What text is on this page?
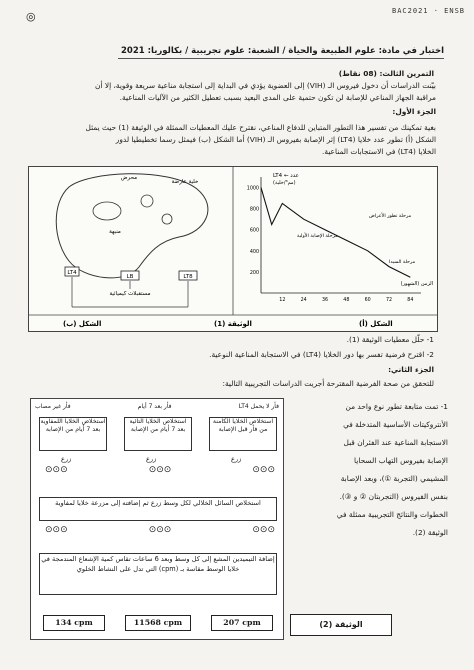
◎	BAC2021 · ENSB
اختبار في مادة: علوم الطبيعة والحياة / الشعبة: علوم تجريبية / بكالوريا: 2021
التمرين الثالث: (08 نقاط)
بيّنت الدراسات أن دخول فيروس الـ (VIH) إلى العضوية يؤدي في البداية إلى استجابة مناعية سريعة وقوية، إلا أن
مراقبة الجهاز المناعي للإصابة لن تكون حتمية على المدى البعيد بسبب تعطيل الكثير من الآليات المناعية.
الجزء الأول:
بغية تمكينك من تفسير هذا التطور المتباين للدفاع المناعي، نقترح عليك المعطيات الممثلة في الوثيقة (1) حيث يمثل
الشكل (أ) تطور عدد خلايا (LT4) إثر الإصابة بفيروس الـ (VIH) أما الشكل (ب) فيمثل رسما تخطيطيا لدور
الخلايا (LT4) في الاستجابات المناعية.
محرض
خلية عارضة
منبهة
LT4
LB	LT8
مستقبلات كيميائية
LT4 ← عدد
(مم³/خلية)
1000
800
600
400
200
12	24	36	48	60	72	84
الزمن (الشهور)
مرحلة الإصابة الأولية
مرحلة تطور الأعراض
مرحلة السيدا
الشكل (ب)	الوثيقة (1)	الشكل (أ)
1- حلّل معطيات الوثيقة (1).
2- اقترح فرضية تفسر بها دور الخلايا (LT4) في الاستجابة المناعية النوعية.
الجزء الثاني:
للتحقق من صحة الفرضية المقترحة أجريت الدراسات التجريبية التالية:
فأر لا يحمل LT4
فأر بعد 7 أيام
فأر غير مصاب
استخلاص الخلايا الكامنة من فأر قبل الإصابة
استخلاص الخلايا التائية بعد 7 أيام من الإصابة
استخلاص الخلايا اللمفاوية بعد 7 أيام من الإصابة
زرع
زرع
زرع
⊙⊙⊙	⊙⊙⊙	⊙⊙⊙
استخلاص السائل الخلالي لكل وسط زرع ثم إضافته إلى مزرعة خلايا لمفاوية
⊙⊙⊙	⊙⊙⊙	⊙⊙⊙
إضافة التيميدين المشع إلى كل وسط وبعد 6 ساعات تقاس كمية الإشعاع المندمجة في خلايا الوسط مقاسة بـ (cpm) التي تدل على النشاط الخلوي
134 cpm	11568 cpm	207 cpm
1- تمت متابعة تطور نوع واحد من
الأنتروكيتات الأساسية المتدخلة في
الاستجابة المناعية عند الفئران قبل
الإصابة بفيروس التهاب السحايا
المشيمي (التجربة ①)، وبعد الإصابة
بنفس الفيروس (التجربتان ② و ③).
الخطوات والنتائج التجريبية ممثلة في
الوثيقة (2).
الوثيقة (2)
